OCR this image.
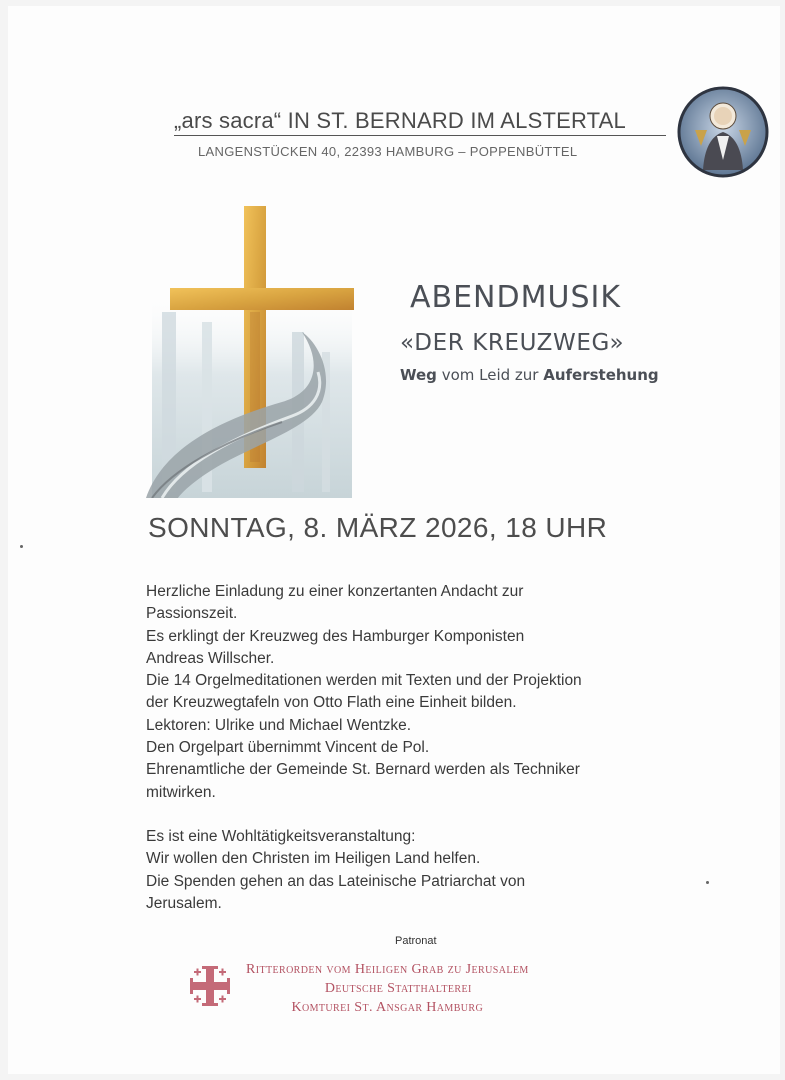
„ars sacra“ IN ST. BERNARD IM ALSTERTAL
LANGENSTÜCKEN 40, 22393 HAMBURG – POPPENBÜTTEL
ABENDMUSIK
«DER KREUZWEG»
Weg vom Leid zur Auferstehung
SONNTAG, 8. MÄRZ 2026, 18 UHR
Herzliche Einladung zu einer konzertanten Andacht zur
Passionszeit.
Es erklingt der Kreuzweg des Hamburger Komponisten
Andreas Willscher.
Die 14 Orgelmeditationen werden mit Texten und der Projektion
der Kreuzwegtafeln von Otto Flath eine Einheit bilden.
Lektoren: Ulrike und Michael Wentzke.
Den Orgelpart übernimmt Vincent de Pol.
Ehrenamtliche der Gemeinde St. Bernard werden als Techniker
mitwirken.
Es ist eine Wohltätigkeitsveranstaltung:
Wir wollen den Christen im Heiligen Land helfen.
Die Spenden gehen an das Lateinische Patriarchat von
Jerusalem.
Patronat
Ritterorden vom Heiligen Grab zu Jerusalem
Deutsche Statthalterei
Komturei St. Ansgar Hamburg
